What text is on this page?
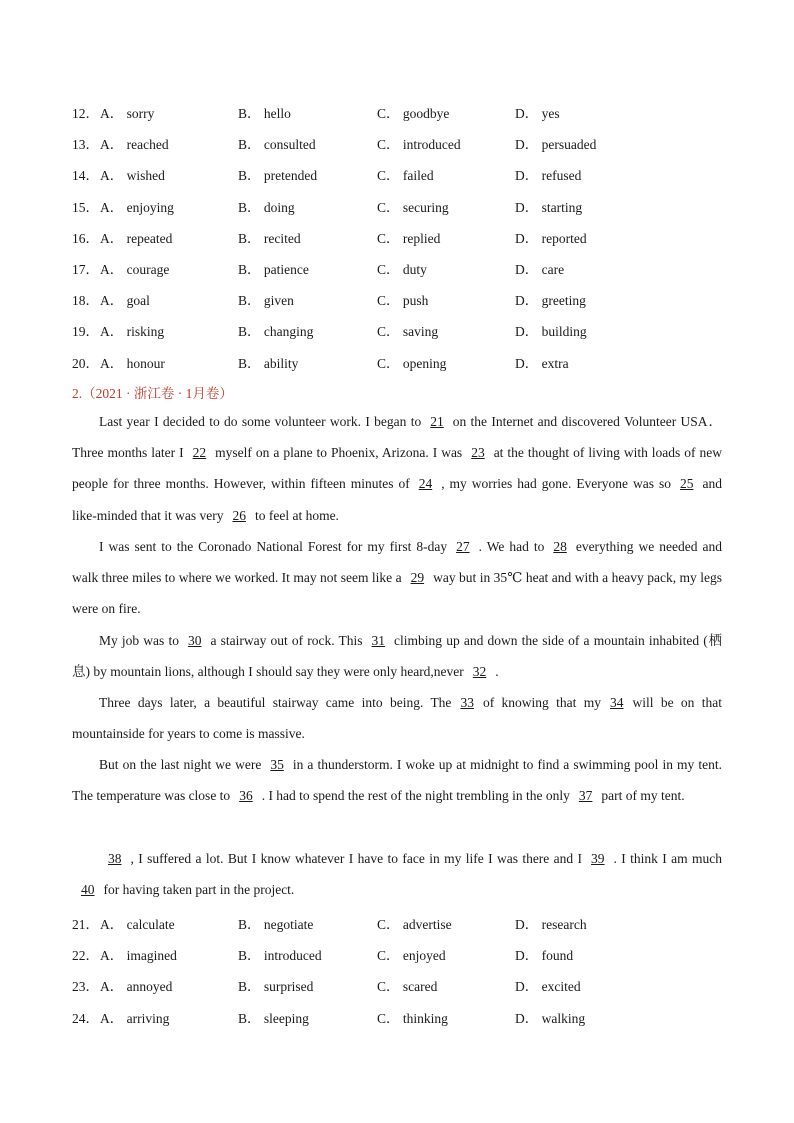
12． A． sorry	B． hello	C． goodbye	D． yes
13． A． reached	B． consulted	C． introduced	D． persuaded
14． A． wished	B． pretended	C． failed	D． refused
15． A． enjoying	B． doing	C． securing	D． starting
16． A． repeated	B． recited	C． replied	D． reported
17． A． courage	B． patience	C． duty	D． care
18． A． goal	B． given	C． push	D． greeting
19． A． risking	B． changing	C． saving	D． building
20． A． honour	B． ability	C． opening	D． extra
2.（2021 · 浙江卷 · 1月卷）
Last year I decided to do some volunteer work. I began to 21 on the Internet and discovered Volunteer USA． Three months later I 22 myself on a plane to Phoenix, Arizona. I was 23 at the thought of living with loads of new people for three months. However, within fifteen minutes of 24 , my worries had gone. Everyone was so 25 and like-minded that it was very 26 to feel at home.
I was sent to the Coronado National Forest for my first 8-day 27 . We had to 28 everything we needed and walk three miles to where we worked. It may not seem like a 29 way but in 35℃ heat and with a heavy pack, my legs were on fire.
My job was to 30 a stairway out of rock. This 31 climbing up and down the side of a mountain inhabited (栖息) by mountain lions, although I should say they were only heard,never 32 .
Three days later, a beautiful stairway came into being. The 33 of knowing that my 34 will be on that mountainside for years to come is massive.
But on the last night we were 35 in a thunderstorm. I woke up at midnight to find a swimming pool in my tent. The temperature was close to 36 . I had to spend the rest of the night trembling in the only 37 part of my tent.
38 , I suffered a lot. But I know whatever I have to face in my life I was there and I 39 . I think I am much40 for having taken part in the project.
21． A． calculate	B． negotiate	C． advertise	D． research
22． A． imagined	B． introduced	C． enjoyed	D． found
23． A． annoyed	B． surprised	C． scared	D． excited
24． A． arriving	B． sleeping	C． thinking	D． walking
